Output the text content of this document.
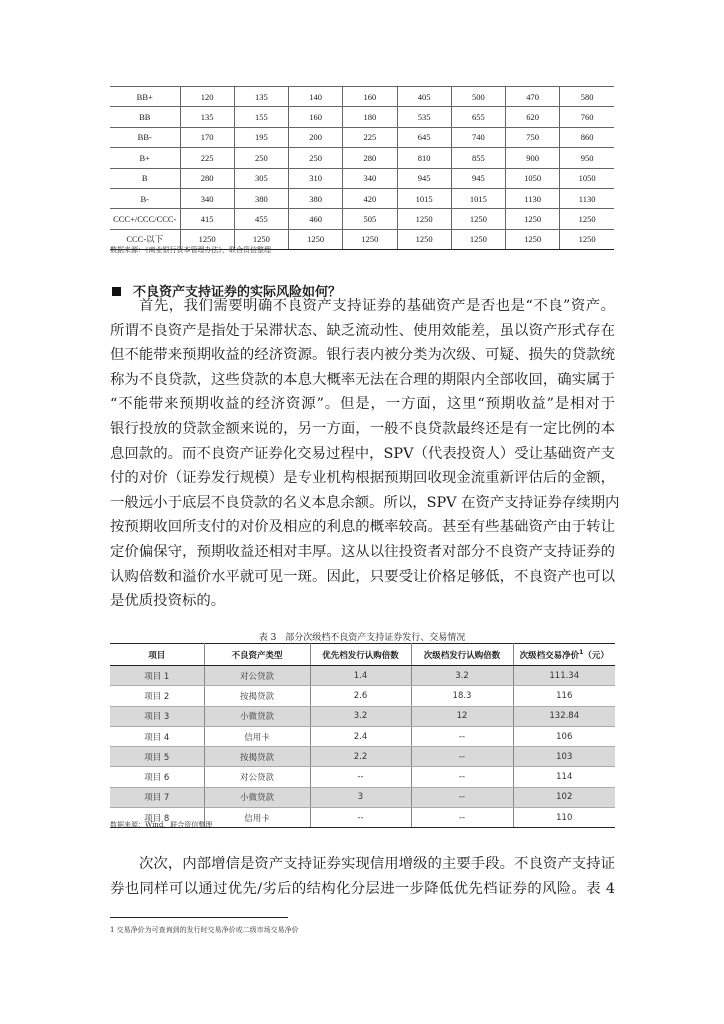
BB+	120	135	140	160	405	500	470	580
BB	135	155	160	180	535	655	620	760
BB-	170	195	200	225	645	740	750	860
B+	225	250	250	280	810	855	900	950
B	280	305	310	340	945	945	1050	1050
B-	340	380	380	420	1015	1015	1130	1130
CCC+/CCC/CCC-	415	455	460	505	1250	1250	1250	1250
CCC-以下	1250	1250	1250	1250	1250	1250	1250	1250
数据来源：《商业银行资本管理办法》，联合资信整理
不良资产支持证券的实际风险如何？
首先，我们需要明确不良资产支持证券的基础资产是否也是“不良”资产。
所谓不良资产是指处于呆滞状态、缺乏流动性、使用效能差，虽以资产形式存在
但不能带来预期收益的经济资源。银行表内被分类为次级、可疑、损失的贷款统
称为不良贷款，这些贷款的本息大概率无法在合理的期限内全部收回，确实属于
“不能带来预期收益的经济资源”。但是，一方面，这里“预期收益”是相对于
银行投放的贷款金额来说的，另一方面，一般不良贷款最终还是有一定比例的本
息回款的。而不良资产证券化交易过程中，SPV（代表投资人）受让基础资产支
付的对价（证券发行规模）是专业机构根据预期回收现金流重新评估后的金额，
一般远小于底层不良贷款的名义本息余额。所以，SPV 在资产支持证券存续期内
按预期收回所支付的对价及相应的利息的概率较高。甚至有些基础资产由于转让
定价偏保守，预期收益还相对丰厚。这从以往投资者对部分不良资产支持证券的
认购倍数和溢价水平就可见一斑。因此，只要受让价格足够低，不良资产也可以
是优质投资标的。
表 3　部分次级档不良资产支持证券发行、交易情况
项目	不良资产类型	优先档发行认购倍数	次级档发行认购倍数	次级档交易净价$^1$（元）
项目 1	对公贷款	1.4	3.2	111.34
项目 2	按揭贷款	2.6	18.3	116
项目 3	小微贷款	3.2	12	132.84
项目 4	信用卡	2.4	--	106
项目 5	按揭贷款	2.2	--	103
项目 6	对公贷款	--	--	114
项目 7	小微贷款	3	--	102
项目 8	信用卡	--	--	110
数据来源：Wind，联合资信整理
次次，内部增信是资产支持证券实现信用增级的主要手段。不良资产支持证
券也同样可以通过优先/劣后的结构化分层进一步降低优先档证券的风险。表 4
1 交易净价为可查询到的发行时交易净价或二级市场交易净价
